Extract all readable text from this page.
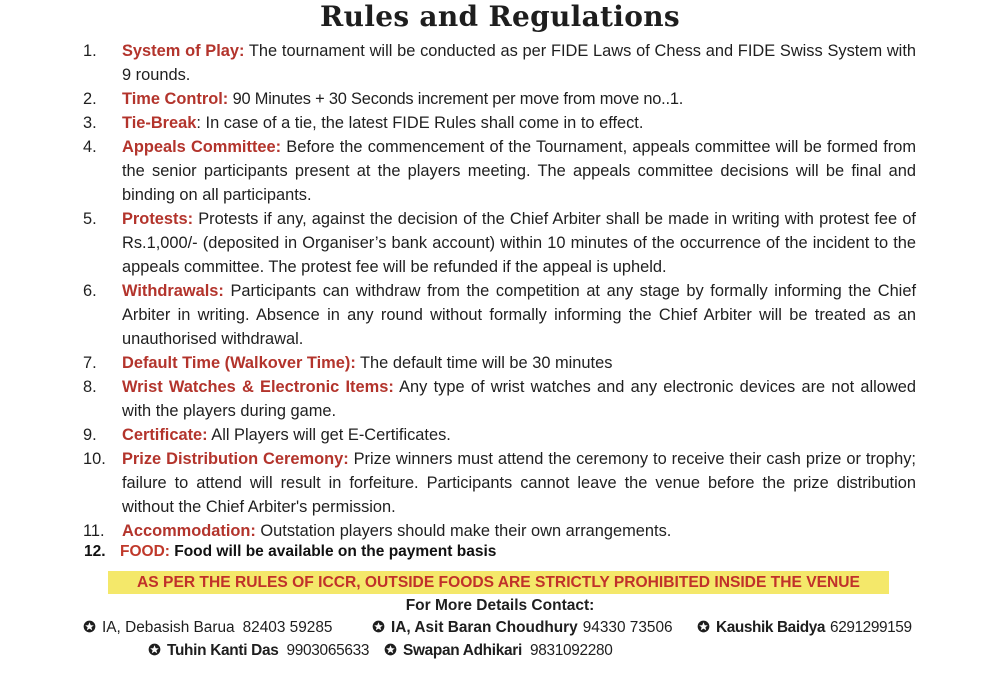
Rules and Regulations
1.	System of Play: The tournament will be conducted as per FIDE Laws of Chess and FIDE Swiss System with 9 rounds.
2.	Time Control: 90 Minutes + 30 Seconds increment per move from move no..1.
3.	Tie-Break: In case of a tie, the latest FIDE Rules shall come in to effect.
4.	Appeals Committee: Before the commencement of the Tournament, appeals committee will be formed from the senior participants present at the players meeting. The appeals committee decisions will be final and binding on all participants.
5.	Protests: Protests if any, against the decision of the Chief Arbiter shall be made in writing with protest fee of Rs.1,000/- (deposited in Organiser’s bank account) within 10 minutes of the occurrence of the incident to the appeals committee. The protest fee will be refunded if the appeal is upheld.
6.	Withdrawals: Participants can withdraw from the competition at any stage by formally informing the Chief Arbiter in writing. Absence in any round without formally informing the Chief Arbiter will be treated as an unauthorised withdrawal.
7.	Default Time (Walkover Time): The default time will be 30 minutes
8.	Wrist Watches & Electronic Items: Any type of wrist watches and any electronic devices are not allowed with the players during game.
9.	Certificate: All Players will get E-Certificates.
10. Prize Distribution Ceremony: Prize winners must attend the ceremony to receive their cash prize or trophy; failure to attend will result in forfeiture. Participants cannot leave the venue before the prize distribution without the Chief Arbiter's permission.
11.	Accommodation: Outstation players should make their own arrangements.
12. FOOD: Food will be available on the payment basis
AS PER THE RULES OF ICCR, OUTSIDE FOODS ARE STRICTLY PROHIBITED INSIDE THE VENUE
For More Details Contact:
IA, Debasish Barua 82403 59285	IA, Asit Baran Choudhury 94330 73506	Kaushik Baidya 6291299159
Tuhin Kanti Das 9903065633	Swapan Adhikari 9831092280
